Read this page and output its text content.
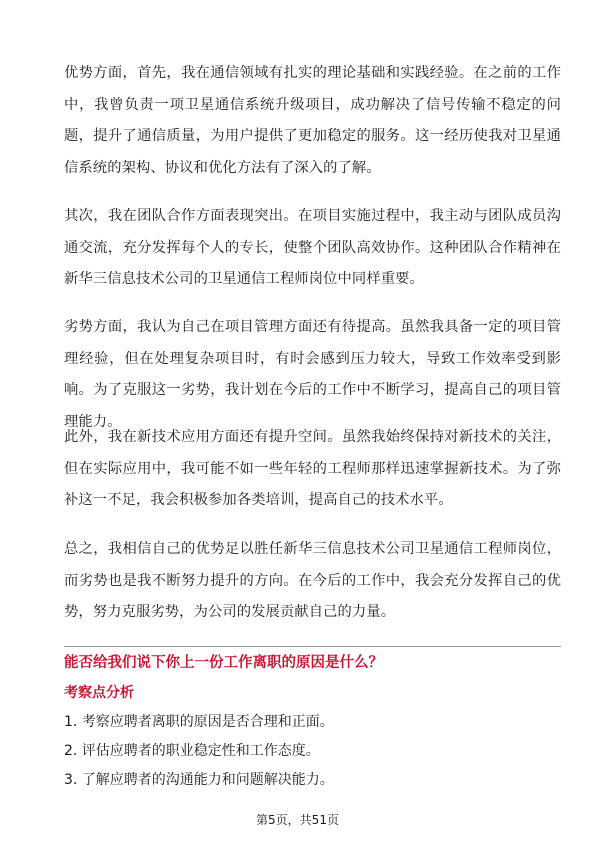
优势方面，首先，我在通信领域有扎实的理论基础和实践经验。在之前的工作中，我曾负责一项卫星通信系统升级项目，成功解决了信号传输不稳定的问题，提升了通信质量，为用户提供了更加稳定的服务。这一经历使我对卫星通信系统的架构、协议和优化方法有了深入的了解。

其次，我在团队合作方面表现突出。在项目实施过程中，我主动与团队成员沟通交流，充分发挥每个人的专长，使整个团队高效协作。这种团队合作精神在新华三信息技术公司的卫星通信工程师岗位中同样重要。

劣势方面，我认为自己在项目管理方面还有待提高。虽然我具备一定的项目管理经验，但在处理复杂项目时，有时会感到压力较大，导致工作效率受到影响。为了克服这一劣势，我计划在今后的工作中不断学习，提高自己的项目管理能力。

此外，我在新技术应用方面还有提升空间。虽然我始终保持对新技术的关注，但在实际应用中，我可能不如一些年轻的工程师那样迅速掌握新技术。为了弥补这一不足，我会积极参加各类培训，提高自己的技术水平。

总之，我相信自己的优势足以胜任新华三信息技术公司卫星通信工程师岗位，而劣势也是我不断努力提升的方向。在今后的工作中，我会充分发挥自己的优势，努力克服劣势，为公司的发展贡献自己的力量。

能否给我们说下你上一份工作离职的原因是什么？
考察点分析
1. 考察应聘者离职的原因是否合理和正面。
2. 评估应聘者的职业稳定性和工作态度。
3. 了解应聘者的沟通能力和问题解决能力。
第5页，共51页
